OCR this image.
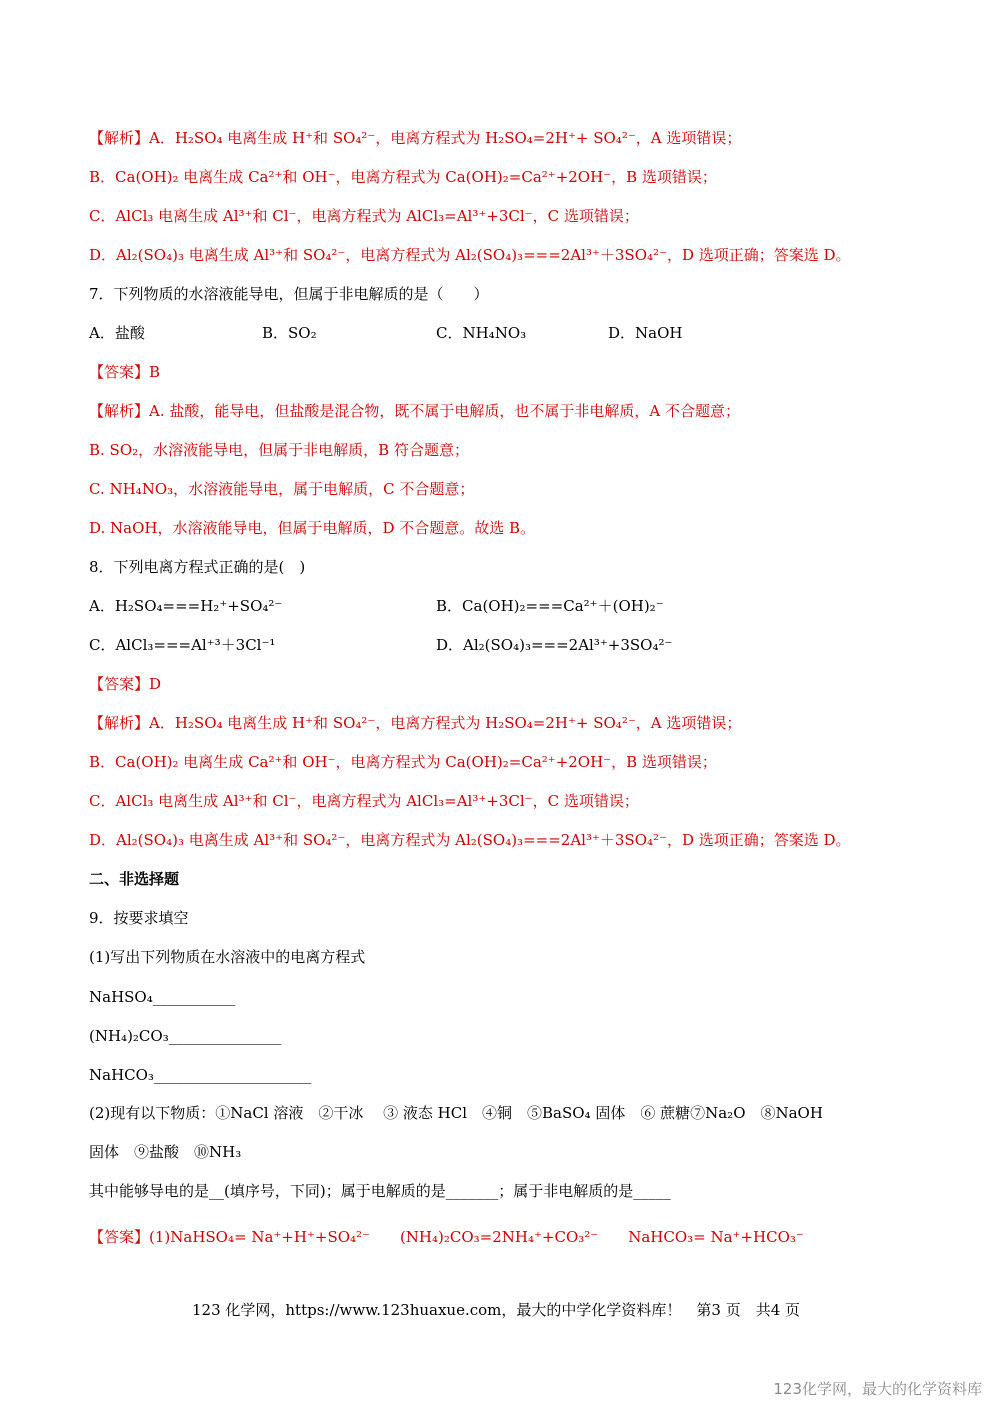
【解析】A．H₂SO₄ 电离生成 H⁺和 SO₄²⁻，电离方程式为 H₂SO₄=2H⁺+ SO₄²⁻，A 选项错误；
B．Ca(OH)₂ 电离生成 Ca²⁺和 OH⁻，电离方程式为 Ca(OH)₂=Ca²⁺+2OH⁻，B 选项错误；
C．AlCl₃ 电离生成 Al³⁺和 Cl⁻，电离方程式为 AlCl₃=Al³⁺+3Cl⁻，C 选项错误；
D．Al₂(SO₄)₃ 电离生成 Al³⁺和 SO₄²⁻，电离方程式为 Al₂(SO₄)₃===2Al³⁺＋3SO₄²⁻，D 选项正确；答案选 D。
7．下列物质的水溶液能导电，但属于非电解质的是（　　）
A．盐酸	B．SO₂	C．NH₄NO₃	D．NaOH
【答案】B
【解析】A. 盐酸，能导电，但盐酸是混合物，既不属于电解质，也不属于非电解质，A 不合题意；
B. SO₂，水溶液能导电，但属于非电解质，B 符合题意；
C. NH₄NO₃，水溶液能导电，属于电解质，C 不合题意；
D. NaOH，水溶液能导电，但属于电解质，D 不合题意。故选 B。
8．下列电离方程式正确的是(　)
A．H₂SO₄===H₂⁺+SO₄²⁻	B．Ca(OH)₂===Ca²⁺＋(OH)₂⁻
C．AlCl₃===Al⁺³＋3Cl⁻¹	D．Al₂(SO₄)₃===2Al³⁺+3SO₄²⁻
【答案】D
【解析】A．H₂SO₄ 电离生成 H⁺和 SO₄²⁻，电离方程式为 H₂SO₄=2H⁺+ SO₄²⁻，A 选项错误；
B．Ca(OH)₂ 电离生成 Ca²⁺和 OH⁻，电离方程式为 Ca(OH)₂=Ca²⁺+2OH⁻，B 选项错误；
C．AlCl₃ 电离生成 Al³⁺和 Cl⁻，电离方程式为 AlCl₃=Al³⁺+3Cl⁻，C 选项错误；
D．Al₂(SO₄)₃ 电离生成 Al³⁺和 SO₄²⁻，电离方程式为 Al₂(SO₄)₃===2Al³⁺＋3SO₄²⁻，D 选项正确；答案选 D。
二、非选择题
9．按要求填空
(1)写出下列物质在水溶液中的电离方程式
NaHSO₄___________
(NH₄)₂CO₃_______________
NaHCO₃_____________________
(2)现有以下物质：①NaCl 溶液　②干冰　 ③ 液态 HCl　④铜　⑤BaSO₄ 固体　⑥ 蔗糖⑦Na₂O　⑧NaOH
固体　⑨盐酸　⑩NH₃
其中能够导电的是__(填序号，下同)；属于电解质的是_______；属于非电解质的是_____
【答案】(1)NaHSO₄= Na⁺+H⁺+SO₄²⁻　　(NH₄)₂CO₃=2NH₄⁺+CO₃²⁻　　NaHCO₃= Na⁺+HCO₃⁻
123 化学网，https://www.123huaxue.com，最大的中学化学资料库！　第3 页　共4 页
123化学网，最大的化学资料库
